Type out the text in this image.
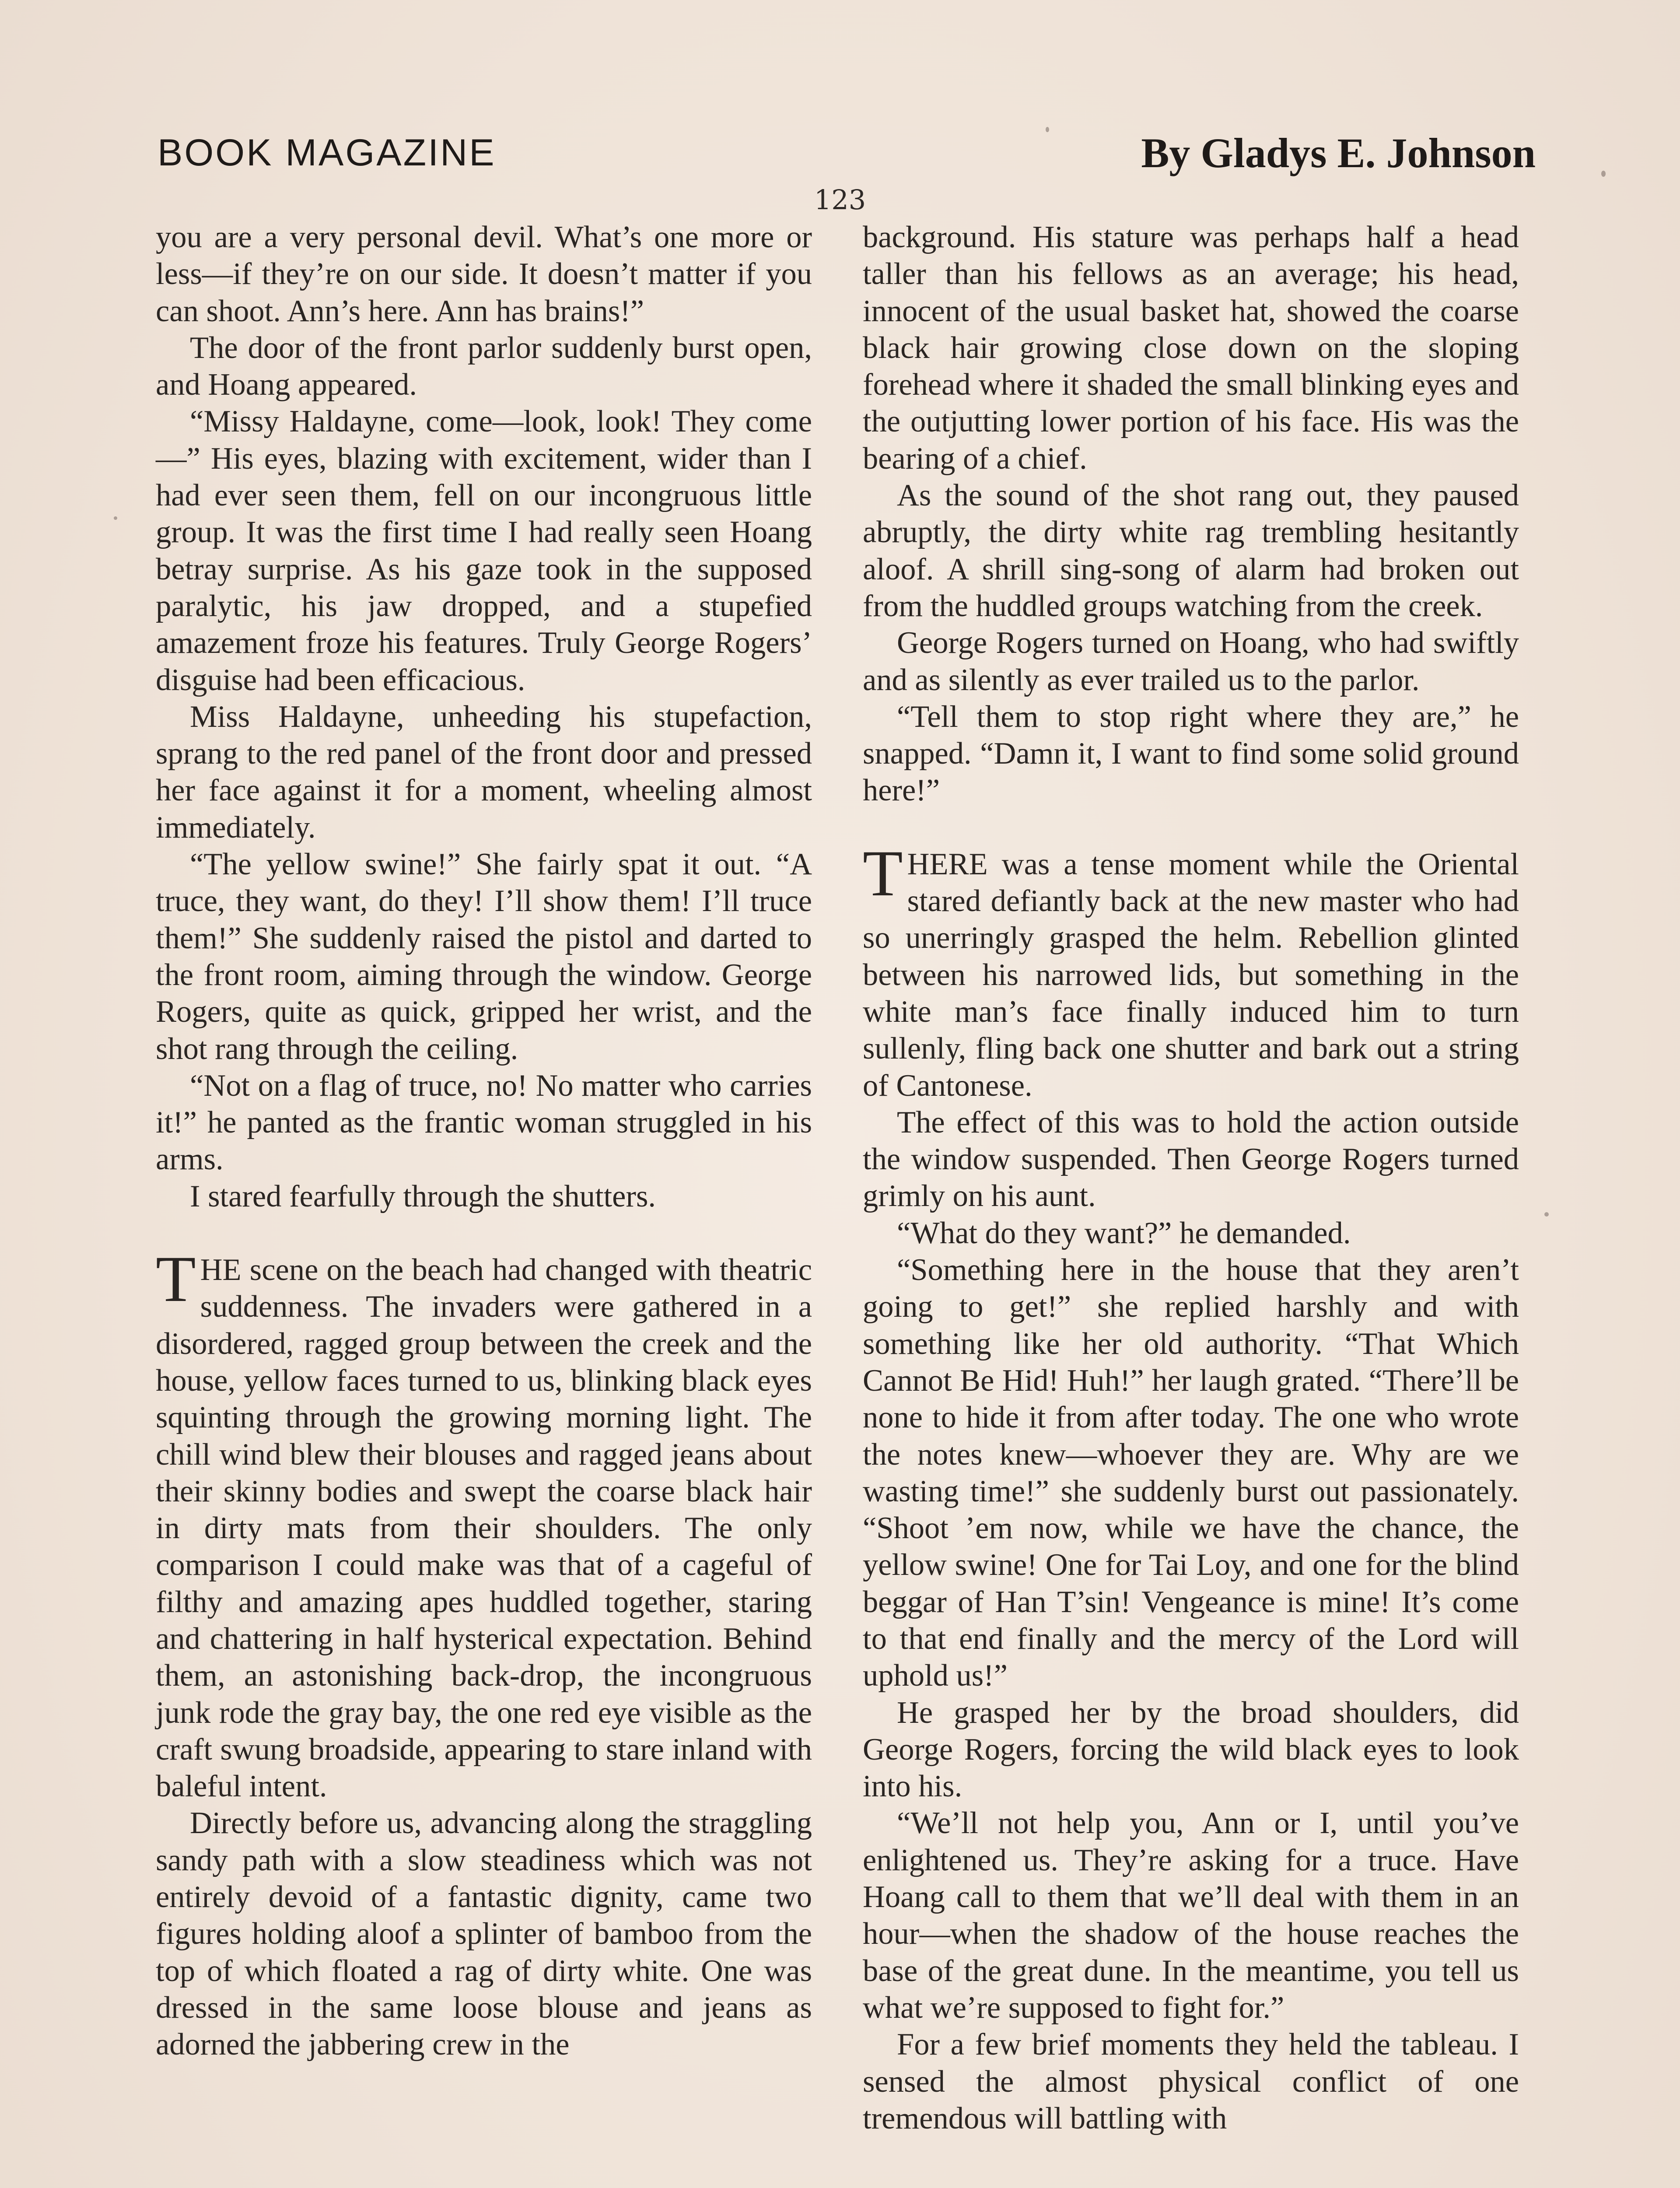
BOOK MAGAZINE	By Gladys E. Johnson
123

you are a very personal devil. What’s one more or less—if they’re on our side. It doesn’t matter if you can shoot. Ann’s here. Ann has brains!”

The door of the front parlor suddenly burst open, and Hoang appeared.

“Missy Haldayne, come—look, look! They come—” His eyes, blazing with excitement, wider than I had ever seen them, fell on our incongruous little group. It was the first time I had really seen Hoang betray surprise. As his gaze took in the supposed paralytic, his jaw dropped, and a stupefied amazement froze his features. Truly George Rogers’ disguise had been efficacious.

Miss Haldayne, unheeding his stupefaction, sprang to the red panel of the front door and pressed her face against it for a moment, wheeling almost immediately.

“The yellow swine!” She fairly spat it out. “A truce, they want, do they! I’ll show them! I’ll truce them!” She suddenly raised the pistol and darted to the front room, aiming through the window. George Rogers, quite as quick, gripped her wrist, and the shot rang through the ceiling.

“Not on a flag of truce, no! No matter who carries it!” he panted as the frantic woman struggled in his arms.

I stared fearfully through the shutters.

THE scene on the beach had changed with theatric suddenness. The invaders were gathered in a disordered, ragged group between the creek and the house, yellow faces turned to us, blinking black eyes squinting through the growing morning light. The chill wind blew their blouses and ragged jeans about their skinny bodies and swept the coarse black hair in dirty mats from their shoulders. The only comparison I could make was that of a cageful of filthy and amazing apes huddled together, staring and chattering in half hysterical expectation. Behind them, an astonishing back-drop, the incongruous junk rode the gray bay, the one red eye visible as the craft swung broadside, appearing to stare inland with baleful intent.

Directly before us, advancing along the straggling sandy path with a slow steadiness which was not entirely devoid of a fantastic dignity, came two figures holding aloof a splinter of bamboo from the top of which floated a rag of dirty white. One was dressed in the same loose blouse and jeans as adorned the jabbering crew in the

background. His stature was perhaps half a head taller than his fellows as an average; his head, innocent of the usual basket hat, showed the coarse black hair growing close down on the sloping forehead where it shaded the small blinking eyes and the outjutting lower portion of his face. His was the bearing of a chief.

As the sound of the shot rang out, they paused abruptly, the dirty white rag trembling hesitantly aloof. A shrill sing-song of alarm had broken out from the huddled groups watching from the creek.

George Rogers turned on Hoang, who had swiftly and as silently as ever trailed us to the parlor.

“Tell them to stop right where they are,” he snapped. “Damn it, I want to find some solid ground here!”

THERE was a tense moment while the Oriental stared defiantly back at the new master who had so unerringly grasped the helm. Rebellion glinted between his narrowed lids, but something in the white man’s face finally induced him to turn sullenly, fling back one shutter and bark out a string of Cantonese.

The effect of this was to hold the action outside the window suspended. Then George Rogers turned grimly on his aunt.

“What do they want?” he demanded.

“Something here in the house that they aren’t going to get!” she replied harshly and with something like her old authority. “That Which Cannot Be Hid! Huh!” her laugh grated. “There’ll be none to hide it from after today. The one who wrote the notes knew—whoever they are. Why are we wasting time!” she suddenly burst out passionately. “Shoot ’em now, while we have the chance, the yellow swine! One for Tai Loy, and one for the blind beggar of Han T’sin! Vengeance is mine! It’s come to that end finally and the mercy of the Lord will uphold us!”

He grasped her by the broad shoulders, did George Rogers, forcing the wild black eyes to look into his.

“We’ll not help you, Ann or I, until you’ve enlightened us. They’re asking for a truce. Have Hoang call to them that we’ll deal with them in an hour—when the shadow of the house reaches the base of the great dune. In the meantime, you tell us what we’re supposed to fight for.”

For a few brief moments they held the tableau. I sensed the almost physical conflict of one tremendous will battling with
